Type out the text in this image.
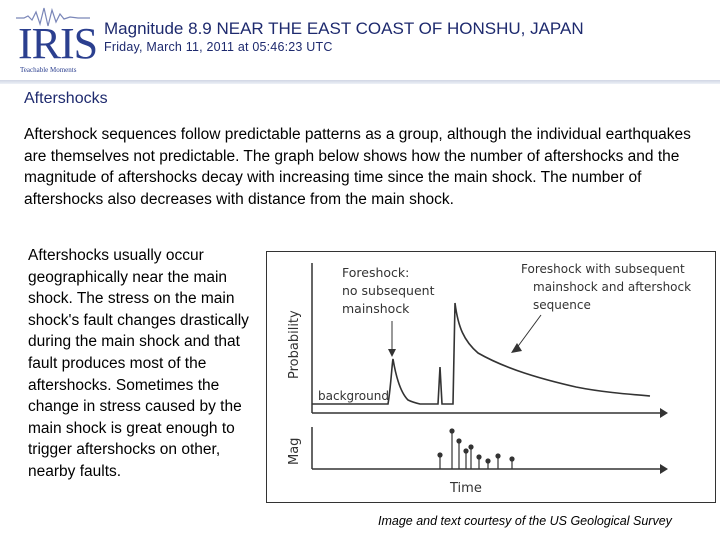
IRIS
Teachable Moments
Magnitude 8.9 NEAR THE EAST COAST OF HONSHU, JAPAN
Friday, March 11, 2011 at 05:46:23 UTC
Aftershocks
Aftershock sequences follow predictable patterns as a group, although the individual earthquakes are themselves not predictable. The graph below shows how the number of aftershocks and the magnitude of aftershocks decay with increasing time since the main shock. The number of aftershocks also decreases with distance from the main shock.
Aftershocks usually occur geographically near the main shock. The stress on the main shock's fault changes drastically during the main shock and that fault produces most of the aftershocks. Sometimes the change in stress caused by the main shock is great enough to trigger aftershocks on other, nearby faults.
Foreshock:
no subsequent
mainshock
Foreshock with subsequent
mainshock and aftershock
sequence
background
Probability
Mag
Time
Image and text courtesy of the US Geological Survey
